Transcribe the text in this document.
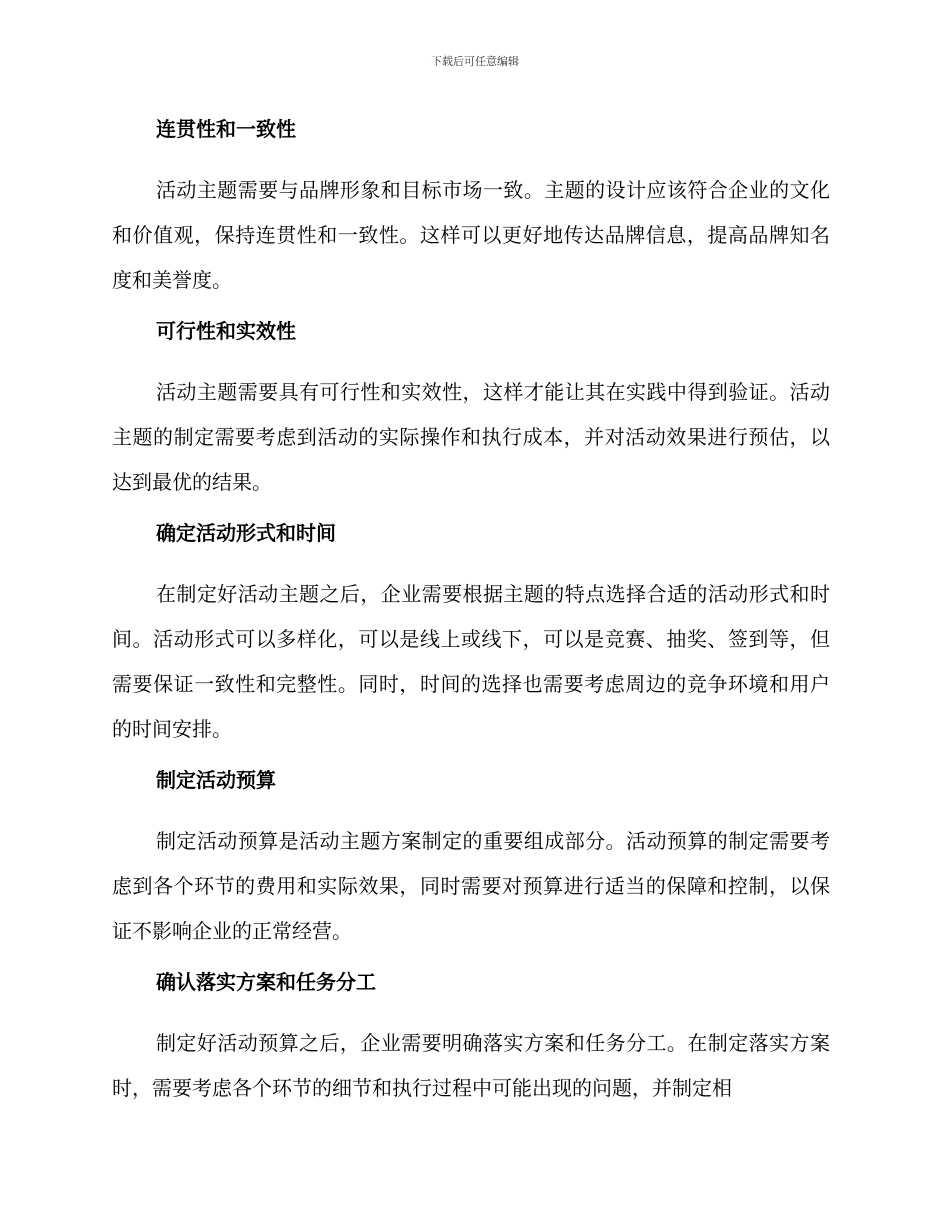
下载后可任意编辑
连贯性和一致性

活动主题需要与品牌形象和目标市场一致。主题的设计应该符合企业的文化和价值观，保持连贯性和一致性。这样可以更好地传达品牌信息，提高品牌知名度和美誉度。

可行性和实效性

活动主题需要具有可行性和实效性，这样才能让其在实践中得到验证。活动主题的制定需要考虑到活动的实际操作和执行成本，并对活动效果进行预估，以达到最优的结果。

确定活动形式和时间

在制定好活动主题之后，企业需要根据主题的特点选择合适的活动形式和时间。活动形式可以多样化，可以是线上或线下，可以是竞赛、抽奖、签到等，但需要保证一致性和完整性。同时，时间的选择也需要考虑周边的竞争环境和用户的时间安排。

制定活动预算

制定活动预算是活动主题方案制定的重要组成部分。活动预算的制定需要考虑到各个环节的费用和实际效果，同时需要对预算进行适当的保障和控制，以保证不影响企业的正常经营。

确认落实方案和任务分工

制定好活动预算之后，企业需要明确落实方案和任务分工。在制定落实方案时，需要考虑各个环节的细节和执行过程中可能出现的问题，并制定相
